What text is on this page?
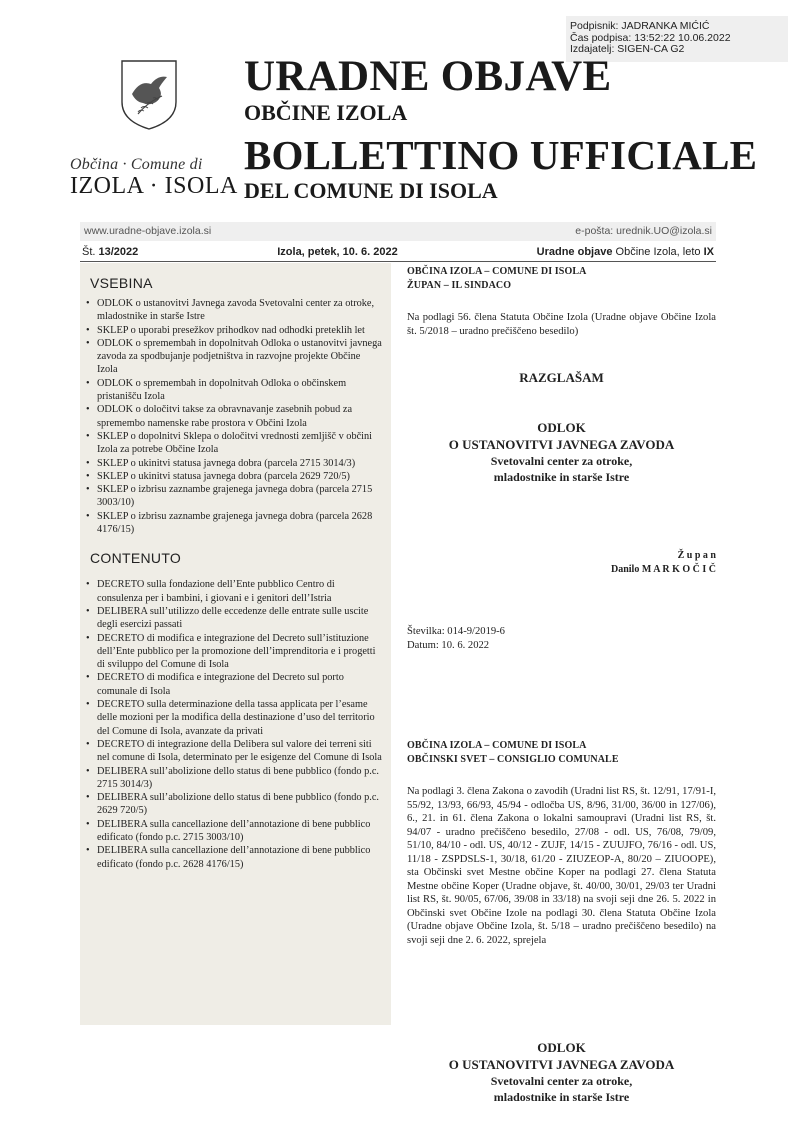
Podpisnik: JADRANKA MIĆIĆ
Čas podpisa: 13:52:22 10.06.2022
Izdajatelj: SIGEN-CA G2
Občina · Comune di
IZOLA · ISOLA
URADNE OBJAVE
OBČINE IZOLA
BOLLETTINO UFFICIALE
DEL COMUNE DI ISOLA
www.uradne-objave.izola.si	e-pošta: urednik.UO@izola.si
Št. 13/2022	Izola, petek, 10. 6. 2022	Uradne objave Občine Izola, leto IX
VSEBINA
• ODLOK o ustanovitvi Javnega zavoda Svetovalni center za otroke, mladostnike in starše Istre
• SKLEP o uporabi presežkov prihodkov nad odhodki preteklih let
• ODLOK o spremembah in dopolnitvah Odloka o ustanovitvi javnega zavoda za spodbujanje podjetništva in razvojne projekte Občine Izola
• ODLOK o spremembah in dopolnitvah Odloka o občinskem pristanišču Izola
• ODLOK o določitvi takse za obravnavanje zasebnih pobud za spremembo namenske rabe prostora v Občini Izola
• SKLEP o dopolnitvi Sklepa o določitvi vrednosti zemljišč v občini Izola za potrebe Občine Izola
• SKLEP o ukinitvi statusa javnega dobra (parcela 2715 3014/3)
• SKLEP o ukinitvi statusa javnega dobra (parcela 2629 720/5)
• SKLEP o izbrisu zaznambe grajenega javnega dobra (parcela 2715 3003/10)
• SKLEP o izbrisu zaznambe grajenega javnega dobra (parcela 2628 4176/15)
CONTENUTO
• DECRETO sulla fondazione dell’Ente pubblico Centro di consulenza per i bambini, i giovani e i genitori dell’Istria
• DELIBERA sull’utilizzo delle eccedenze delle entrate sulle uscite degli esercizi passati
• DECRETO di modifica e integrazione del Decreto sull’istituzione dell’Ente pubblico per la promozione dell’imprenditoria e i progetti di sviluppo del Comune di Isola
• DECRETO di modifica e integrazione del Decreto sul porto comunale di Isola
• DECRETO sulla determinazione della tassa applicata per l’esame delle mozioni per la modifica della destinazione d’uso del territorio del Comune di Isola, avanzate da privati
• DECRETO di integrazione della Delibera sul valore dei terreni siti nel comune di Isola, determinato per le esigenze del Comune di Isola
• DELIBERA sull’abolizione dello status di bene pubblico (fondo p.c. 2715 3014/3)
• DELIBERA sull’abolizione dello status di bene pubblico (fondo p.c. 2629 720/5)
• DELIBERA sulla cancellazione dell’annotazione di bene pubblico edificato (fondo p.c. 2715 3003/10)
• DELIBERA sulla cancellazione dell’annotazione di bene pubblico edificato (fondo p.c. 2628 4176/15)
OBČINA IZOLA – COMUNE DI ISOLA
ŽUPAN – IL SINDACO
Na podlagi 56. člena Statuta Občine Izola (Uradne objave Občine Izola št. 5/2018 – uradno prečiščeno besedilo)
RAZGLAŠAM
ODLOK
O USTANOVITVI JAVNEGA ZAVODA
Svetovalni center za otroke,
mladostnike in starše Istre
Ž u p a n
Danilo M A R K O Č I Č
Številka: 014-9/2019-6
Datum: 10. 6. 2022
OBČINA IZOLA – COMUNE DI ISOLA
OBČINSKI SVET – CONSIGLIO COMUNALE
Na podlagi 3. člena Zakona o zavodih (Uradni list RS, št. 12/91, 17/91-I, 55/92, 13/93, 66/93, 45/94 - odločba US, 8/96, 31/00, 36/00 in 127/06), 6., 21. in 61. člena Zakona o lokalni samoupravi (Uradni list RS, št. 94/07 - uradno prečiščeno besedilo, 27/08 - odl. US, 76/08, 79/09, 51/10, 84/10 - odl. US, 40/12 - ZUJF, 14/15 - ZUUJFO, 76/16 - odl. US, 11/18 - ZSPDSLS-1, 30/18, 61/20 - ZIUZEOP-A, 80/20 – ZIUOOPE), sta Občinski svet Mestne občine Koper na podlagi 27. člena Statuta Mestne občine Koper (Uradne objave, št. 40/00, 30/01, 29/03 ter Uradni list RS, št. 90/05, 67/06, 39/08 in 33/18) na svoji seji dne 26. 5. 2022 in Občinski svet Občine Izole na podlagi 30. člena Statuta Občine Izola (Uradne objave Občine Izola, št. 5/18 – uradno prečiščeno besedilo) na svoji seji dne 2. 6. 2022, sprejela
ODLOK
O USTANOVITVI JAVNEGA ZAVODA
Svetovalni center za otroke,
mladostnike in starše Istre
